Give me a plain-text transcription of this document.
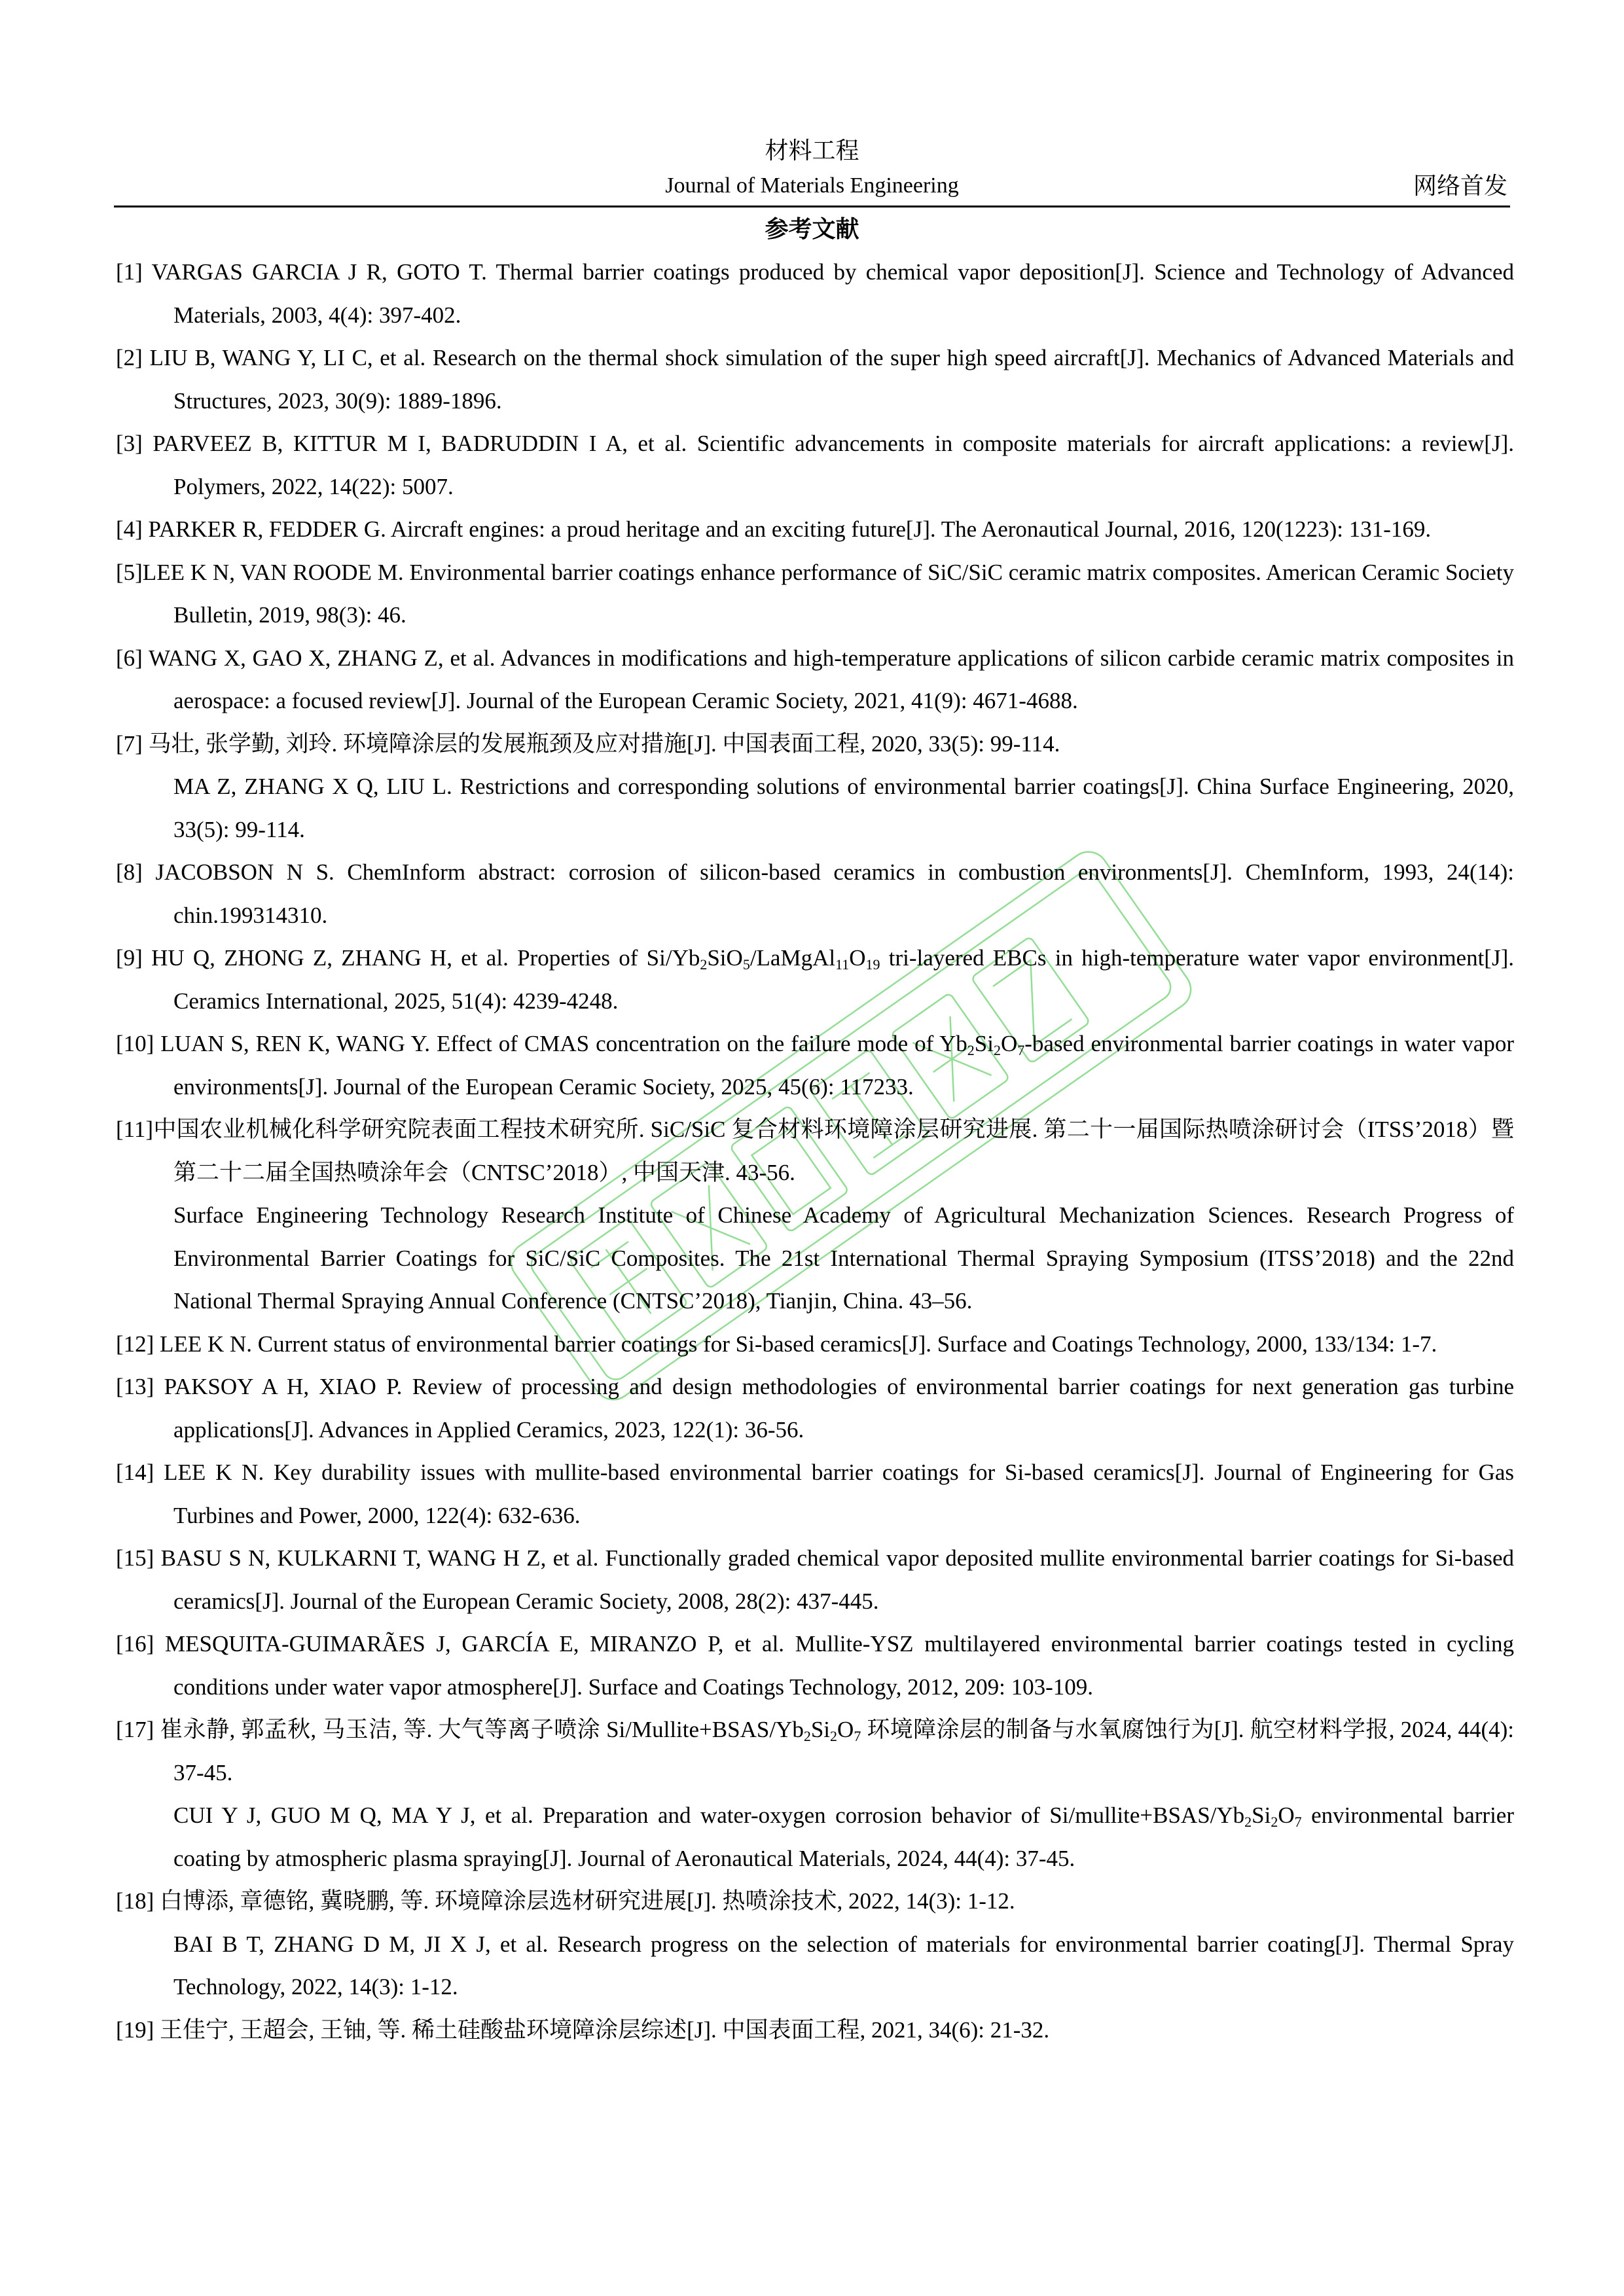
材料工程
Journal of Materials Engineering	网络首发
参考文献
[1] VARGAS GARCIA J R, GOTO T. Thermal barrier coatings produced by chemical vapor deposition[J]. Science and Technology of Advanced Materials, 2003, 4(4): 397-402.
[2] LIU B, WANG Y, LI C, et al. Research on the thermal shock simulation of the super high speed aircraft[J]. Mechanics of Advanced Materials and Structures, 2023, 30(9): 1889-1896.
[3] PARVEEZ B, KITTUR M I, BADRUDDIN I A, et al. Scientific advancements in composite materials for aircraft applications: a review[J]. Polymers, 2022, 14(22): 5007.
[4] PARKER R, FEDDER G. Aircraft engines: a proud heritage and an exciting future[J]. The Aeronautical Journal, 2016, 120(1223): 131-169.
[5]LEE K N, VAN ROODE M. Environmental barrier coatings enhance performance of SiC/SiC ceramic matrix composites. American Ceramic Society Bulletin, 2019, 98(3): 46.
[6] WANG X, GAO X, ZHANG Z, et al. Advances in modifications and high-temperature applications of silicon carbide ceramic matrix composites in aerospace: a focused review[J]. Journal of the European Ceramic Society, 2021, 41(9): 4671-4688.
[7] 马壮, 张学勤, 刘玲. 环境障涂层的发展瓶颈及应对措施[J]. 中国表面工程, 2020, 33(5): 99-114.
MA Z, ZHANG X Q, LIU L. Restrictions and corresponding solutions of environmental barrier coatings[J]. China Surface Engineering, 2020, 33(5): 99-114.
[8] JACOBSON N S. ChemInform abstract: corrosion of silicon-based ceramics in combustion environments[J]. ChemInform, 1993, 24(14): chin.199314310.
[9] HU Q, ZHONG Z, ZHANG H, et al. Properties of $Si/Yb_2SiO_5/LaMgAl_{11}O_{19}$ tri-layered EBCs in high-temperature water vapor environment[J]. Ceramics International, 2025, 51(4): 4239-4248.
[10] LUAN S, REN K, WANG Y. Effect of CMAS concentration on the failure mode of $Yb_2Si_2O_7$-based environmental barrier coatings in water vapor environments[J]. Journal of the European Ceramic Society, 2025, 45(6): 117233.
[11]中国农业机械化科学研究院表面工程技术研究所. SiC/SiC 复合材料环境障涂层研究进展. 第二十一届国际热喷涂研讨会（ITSS’2018）暨第二十二届全国热喷涂年会（CNTSC’2018）, 中国天津. 43-56.
Surface Engineering Technology Research Institute of Chinese Academy of Agricultural Mechanization Sciences. Research Progress of Environmental Barrier Coatings for SiC/SiC Composites. The 21st International Thermal Spraying Symposium (ITSS’2018) and the 22nd National Thermal Spraying Annual Conference (CNTSC’2018), Tianjin, China. 43–56.
[12] LEE K N. Current status of environmental barrier coatings for Si-based ceramics[J]. Surface and Coatings Technology, 2000, 133/134: 1-7.
[13] PAKSOY A H, XIAO P. Review of processing and design methodologies of environmental barrier coatings for next generation gas turbine applications[J]. Advances in Applied Ceramics, 2023, 122(1): 36-56.
[14] LEE K N. Key durability issues with mullite-based environmental barrier coatings for Si-based ceramics[J]. Journal of Engineering for Gas Turbines and Power, 2000, 122(4): 632-636.
[15] BASU S N, KULKARNI T, WANG H Z, et al. Functionally graded chemical vapor deposited mullite environmental barrier coatings for Si-based ceramics[J]. Journal of the European Ceramic Society, 2008, 28(2): 437-445.
[16] MESQUITA-GUIMARÃES J, GARCÍA E, MIRANZO P, et al. Mullite-YSZ multilayered environmental barrier coatings tested in cycling conditions under water vapor atmosphere[J]. Surface and Coatings Technology, 2012, 209: 103-109.
[17] 崔永静, 郭孟秋, 马玉洁, 等. 大气等离子喷涂 $Si/Mullite+BSAS/Yb_2Si_2O_7$ 环境障涂层的制备与水氧腐蚀行为[J]. 航空材料学报, 2024, 44(4): 37-45.
CUI Y J, GUO M Q, MA Y J, et al. Preparation and water-oxygen corrosion behavior of $Si/mullite+BSAS/Yb_2Si_2O_7$ environmental barrier coating by atmospheric plasma spraying[J]. Journal of Aeronautical Materials, 2024, 44(4): 37-45.
[18] 白博添, 章德铭, 冀晓鹏, 等. 环境障涂层选材研究进展[J]. 热喷涂技术, 2022, 14(3): 1-12.
BAI B T, ZHANG D M, JI X J, et al. Research progress on the selection of materials for environmental barrier coating[J]. Thermal Spray Technology, 2022, 14(3): 1-12.
[19] 王佳宁, 王超会, 王铀, 等. 稀土硅酸盐环境障涂层综述[J]. 中国表面工程, 2021, 34(6): 21-32.
